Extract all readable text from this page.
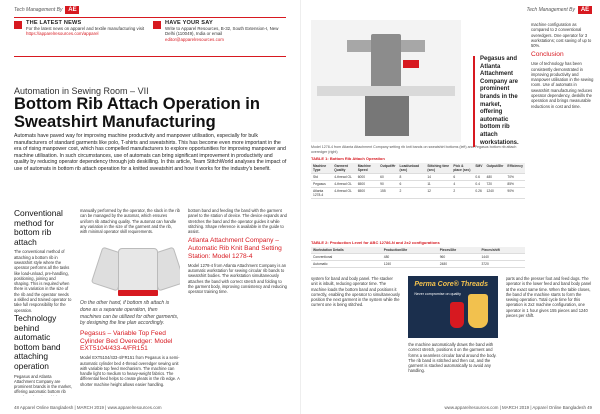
Tech Management By AE
THE LATEST NEWS
For the latest news on apparel and textile manufacturing visit
https://apparelresources.com/apparel
HAVE YOUR SAY
Write to Apparel Resources, B-32, South Extension-I, New Delhi (110049), India or email
editor@apparelresources.com
Automation in Sewing Room – VII
Bottom Rib Attach Operation in Sweatshirt Manufacturing
Automats have paved way for improving machine productivity and manpower utilisation, especially for bulk manufacturers of standard garments like polo, T-shirts and sweatshirts. This has become even more important in the era of rising manpower cost, which has compelled manufacturers to explore opportunities for improving manpower and machine utilisation. In such circumstances, use of automats can bring significant improvement in productivity and quality by reducing operator dependency through job deskilling. In this article, Team StitchWorld analyses the impact of use of automats in bottom rib attach operation for a knitted sweatshirt and how it works for the industry's benefit.
Conventional method for bottom rib attach
The conventional method of attaching a bottom rib in sweatshirt style where the operator performs all the tasks like load-unload, pre-handling, positioning, joining and shaping. This is required when there is variation in the size of the rib and the operator needs a skilled and trained operator to take full responsibility for the operation.
Technology behind automatic bottom band attaching operation
Pegasus and Atlanta Attachment Company are prominent brands in the market, offering automatic bottom rib
manually performed by the operator, the slack in the rib can be managed by the automat, which ensures uniform rib attaching quality. The automat can handle any variation in the size of the garment and the rib, with minimal operator skill requirements.
On the other hand, if bottom rib attach is done as a separate operation, then machines can be utilized for other garments, by designing the line plan accordingly.
Pegasus – Variable Top Feed Cylinder Bed Overedger: Model EXT5104/433-4/FR151
Model EXT5104/433-4/FR151 from Pegasus is a semi-automatic cylinder bed 4-thread overedger sewing unit with variable top feed mechanism. The machine can handle light to medium to heavy-weight fabrics. The differential feed helps to create pleats in the rib edge. A shorter machine height allows easier handling.
bottom band and feeding the band with the garment panel to the station of device. The device expands and stretches the band and the operator guides it while stitching. Shape reference is available in the guide to assist.
Atlanta Attachment Company – Automatic Rib Knit Band Setting Station: Model 1278-4
Model 1278-4 from Atlanta Attachment Company is an automatic workstation for sewing circular rib bands to sweatshirt bodies. The workstation simultaneously attaches the band with correct stretch and folding to the garment body, improving consistency and reducing operator training time.
48 Apparel Online Bangladesh | MARCH 2019 | www.apparelresources.com
Tech Management By AE
Model 1278-4 from Atlanta Attachment Company setting rib knit bands on sweatshirt bottoms (left) and Pegasus bottom rib attach overedger (right)
Pegasus and Atlanta Attachment Company are prominent brands in the market, offering automatic bottom rib attach workstations.
machine configuration as compared to 2 conventional overedgers. One operator for 3 workstations; cost saving of up to 50%.
Conclusion
Use of technology has been consistently demonstrated in improving productivity and manpower utilisation in the sewing room. Use of automats in sweatshirt manufacturing reduces operator dependency, deskills the operation and brings measurable reductions in cost and time.
TABLE 1: Bottom Rib Attach Operation
Machine Type	Garment Quality	Machine Speed	Output/Hr	Load/unload (sec)	Stitching time (sec)	Pick & place (sec)	SMV	Output/8hr	Efficiency
Std	4-thread OL	6000	60	8	14	6	0.6	480	70%
Pegasus	4-thread OL	6500	90	6	11	4	0.4	720	85%
Atlanta 1278-4	4-thread OL	6500	155	2	12	2	0.26	1240	90%
TABLE 2: Production Level for ABC 12786-N and 2x2 configurations
Workstation Details	Production/8hr	Pieces/8hr	Pieces/shift
Conventional	480	960	1440
Automatic	1240	2480	3720
system for band and body panel. The stacker unit is inbuilt, reducing operator time. The machine loads the bottom band and positions it correctly, enabling the operator to simultaneously position the next garment in the system while the current one is being stitched.
Perma Core® Threads
Never compromise on quality
the machine automatically draws the band with correct stretch, positions it on the garment and forms a seamless circular band around the body. The rib band is stitched and then cut, and the garment is stacked automatically to avoid any handling.
parts and the presser foot and feed dogs. The operator is the lower feed and band body panel at the exact same time. When the table closes, the band of the machine starts to form the sewing operation. Total cycle time for this operation is 2x2 machine configuration, one operator in 1 hour gives 155 pieces and 1240 pieces per shift.
www.apparelresources.com | MARCH 2019 | Apparel Online Bangladesh 49
